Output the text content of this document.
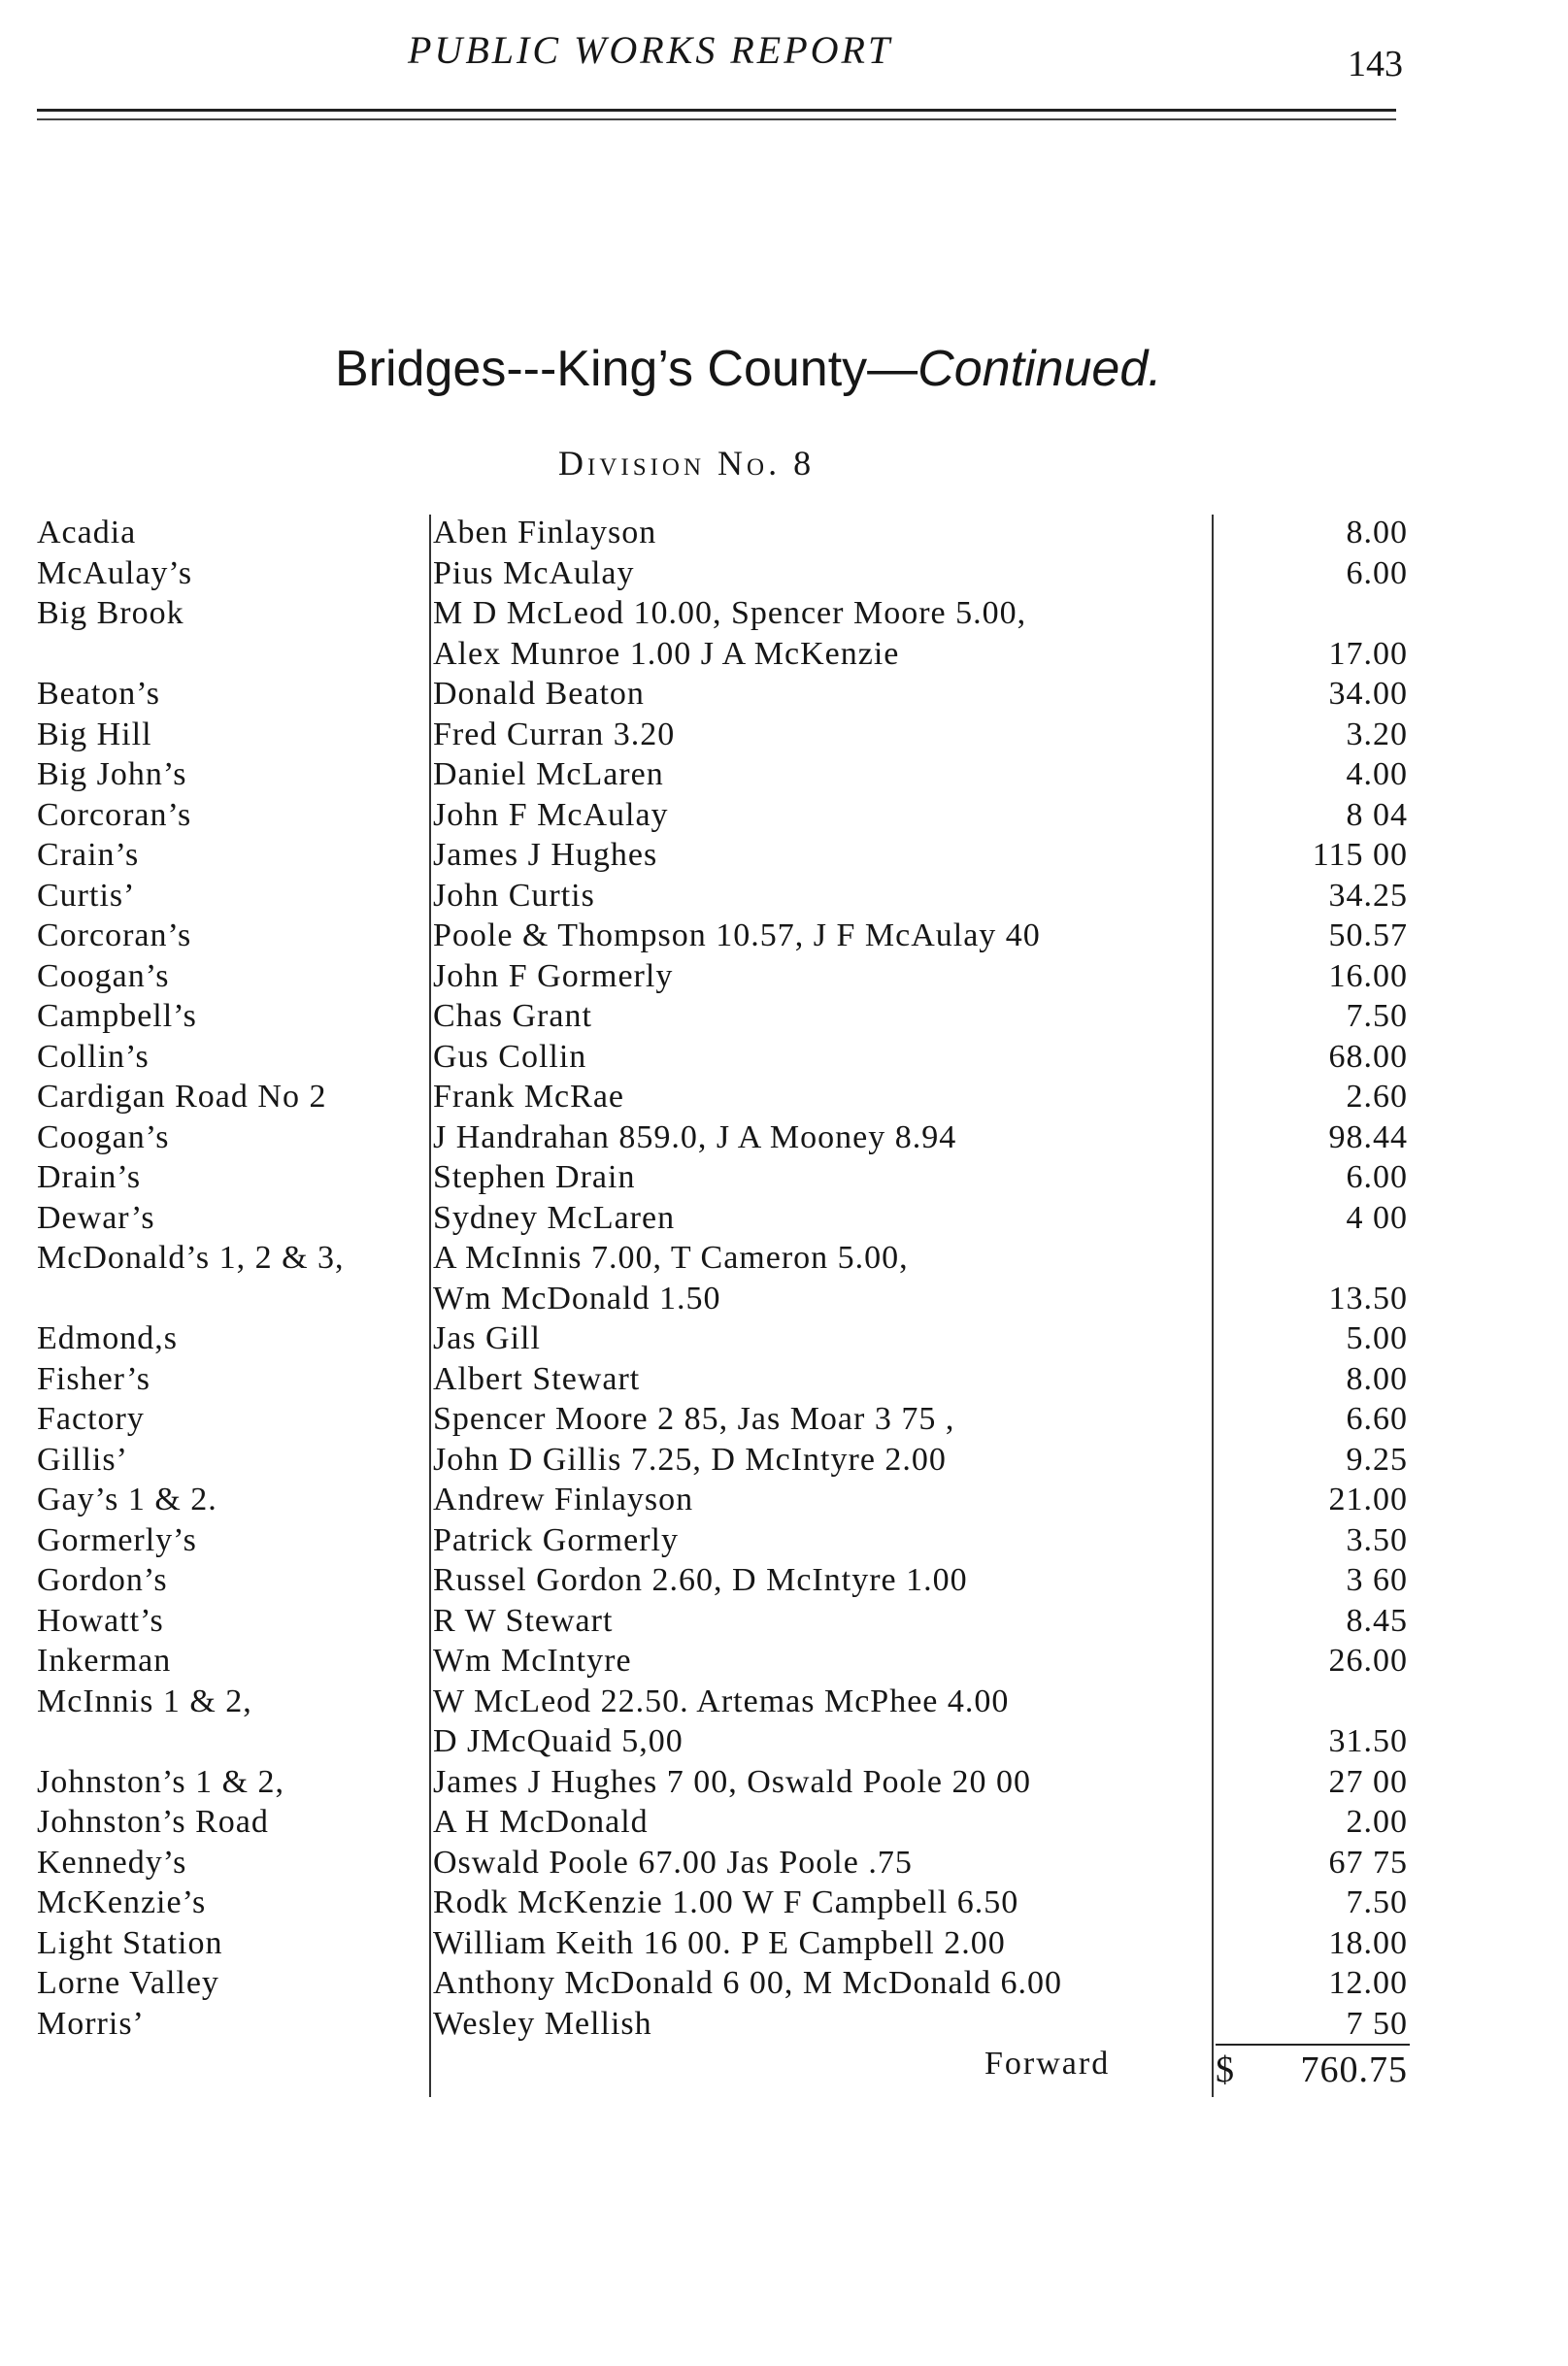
PUBLIC WORKS REPORT	143
Bridges---King’s County—Continued.
Division No. 8
Acadia	Aben Finlayson	8.00
McAulay’s	Pius McAulay	6.00
Big Brook	M D McLeod 10.00, Spencer Moore 5.00,
Alex Munroe 1.00 J A McKenzie	17.00
Beaton’s	Donald Beaton	34.00
Big Hill	Fred Curran 3.20	3.20
Big John’s	Daniel McLaren	4.00
Corcoran’s	John F McAulay	8 04
Crain’s	James J Hughes	115 00
Curtis’	John Curtis	34.25
Corcoran’s	Poole & Thompson 10.57, J F McAulay 40	50.57
Coogan’s	John F Gormerly	16.00
Campbell’s	Chas Grant	7.50
Collin’s	Gus Collin	68.00
Cardigan Road No 2	Frank McRae	2.60
Coogan’s	J Handrahan 859.0, J A Mooney 8.94	98.44
Drain’s	Stephen Drain	6.00
Dewar’s	Sydney McLaren	4 00
McDonald’s 1, 2 & 3,	A McInnis 7.00, T Cameron 5.00,
Wm McDonald 1.50	13.50
Edmond,s	Jas Gill	5.00
Fisher’s	Albert Stewart	8.00
Factory	Spencer Moore 2 85, Jas Moar 3 75 ,	6.60
Gillis’	John D Gillis 7.25, D McIntyre 2.00	9.25
Gay’s 1 & 2.	Andrew Finlayson	21.00
Gormerly’s	Patrick Gormerly	3.50
Gordon’s	Russel Gordon 2.60, D McIntyre 1.00	3 60
Howatt’s	R W Stewart	8.45
Inkerman	Wm McIntyre	26.00
McInnis 1 & 2,	W McLeod 22.50. Artemas McPhee 4.00
D JMcQuaid 5,00	31.50
Johnston’s 1 & 2,	James J Hughes 7 00, Oswald Poole 20 00	27 00
Johnston’s Road	A H McDonald	2.00
Kennedy’s	Oswald Poole 67.00 Jas Poole .75	67 75
McKenzie’s	Rodk McKenzie 1.00 W F Campbell 6.50	7.50
Light Station	William Keith 16 00. P E Campbell 2.00	18.00
Lorne Valley	Anthony McDonald 6 00, M McDonald 6.00	12.00
Morris’	Wesley Mellish	7 50
Forward	$ 760.75
